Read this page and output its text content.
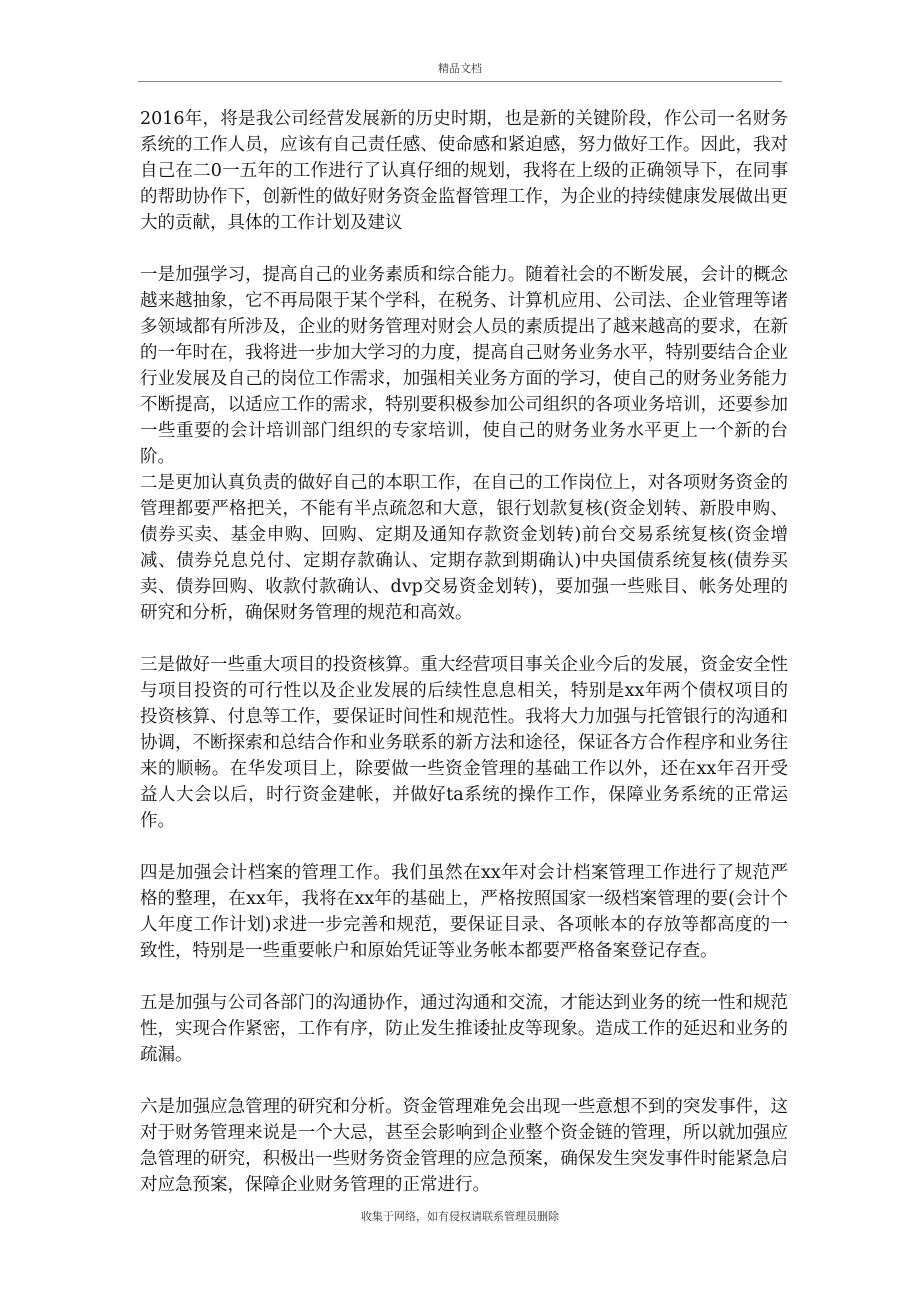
精品文档

2016年，将是我公司经营发展新的历史时期，也是新的关键阶段，作公司一名财务系统的工作人员，应该有自己责任感、使命感和紧迫感，努力做好工作。因此，我对自己在二0一五年的工作进行了认真仔细的规划，我将在上级的正确领导下，在同事的帮助协作下，创新性的做好财务资金监督管理工作，为企业的持续健康发展做出更大的贡献，具体的工作计划及建议

一是加强学习，提高自己的业务素质和综合能力。随着社会的不断发展，会计的概念越来越抽象，它不再局限于某个学科，在税务、计算机应用、公司法、企业管理等诸多领域都有所涉及，企业的财务管理对财会人员的素质提出了越来越高的要求，在新的一年时在，我将进一步加大学习的力度，提高自己财务业务水平，特别要结合企业行业发展及自己的岗位工作需求，加强相关业务方面的学习，使自己的财务业务能力不断提高，以适应工作的需求，特别要积极参加公司组织的各项业务培训，还要参加一些重要的会计培训部门组织的专家培训，使自己的财务业务水平更上一个新的台阶。

二是更加认真负责的做好自己的本职工作，在自己的工作岗位上，对各项财务资金的管理都要严格把关，不能有半点疏忽和大意，银行划款复核(资金划转、新股申购、债券买卖、基金申购、回购、定期及通知存款资金划转)前台交易系统复核(资金增减、债券兑息兑付、定期存款确认、定期存款到期确认)中央国债系统复核(债券买卖、债券回购、收款付款确认、dvp交易资金划转)，要加强一些账目、帐务处理的研究和分析，确保财务管理的规范和高效。

三是做好一些重大项目的投资核算。重大经营项目事关企业今后的发展，资金安全性与项目投资的可行性以及企业发展的后续性息息相关，特别是xx年两个债权项目的投资核算、付息等工作，要保证时间性和规范性。我将大力加强与托管银行的沟通和协调，不断探索和总结合作和业务联系的新方法和途径，保证各方合作程序和业务往来的顺畅。在华发项目上，除要做一些资金管理的基础工作以外，还在xx年召开受益人大会以后，时行资金建帐，并做好ta系统的操作工作，保障业务系统的正常运作。

四是加强会计档案的管理工作。我们虽然在xx年对会计档案管理工作进行了规范严格的整理，在xx年，我将在xx年的基础上，严格按照国家一级档案管理的要(会计个人年度工作计划)求进一步完善和规范，要保证目录、各项帐本的存放等都高度的一致性，特别是一些重要帐户和原始凭证等业务帐本都要严格备案登记存查。

五是加强与公司各部门的沟通协作，通过沟通和交流，才能达到业务的统一性和规范性，实现合作紧密，工作有序，防止发生推诿扯皮等现象。造成工作的延迟和业务的疏漏。

六是加强应急管理的研究和分析。资金管理难免会出现一些意想不到的突发事件，这对于财务管理来说是一个大忌，甚至会影响到企业整个资金链的管理，所以就加强应急管理的研究，积极出一些财务资金管理的应急预案，确保发生突发事件时能紧急启对应急预案，保障企业财务管理的正常进行。

收集于网络，如有侵权请联系管理员删除
